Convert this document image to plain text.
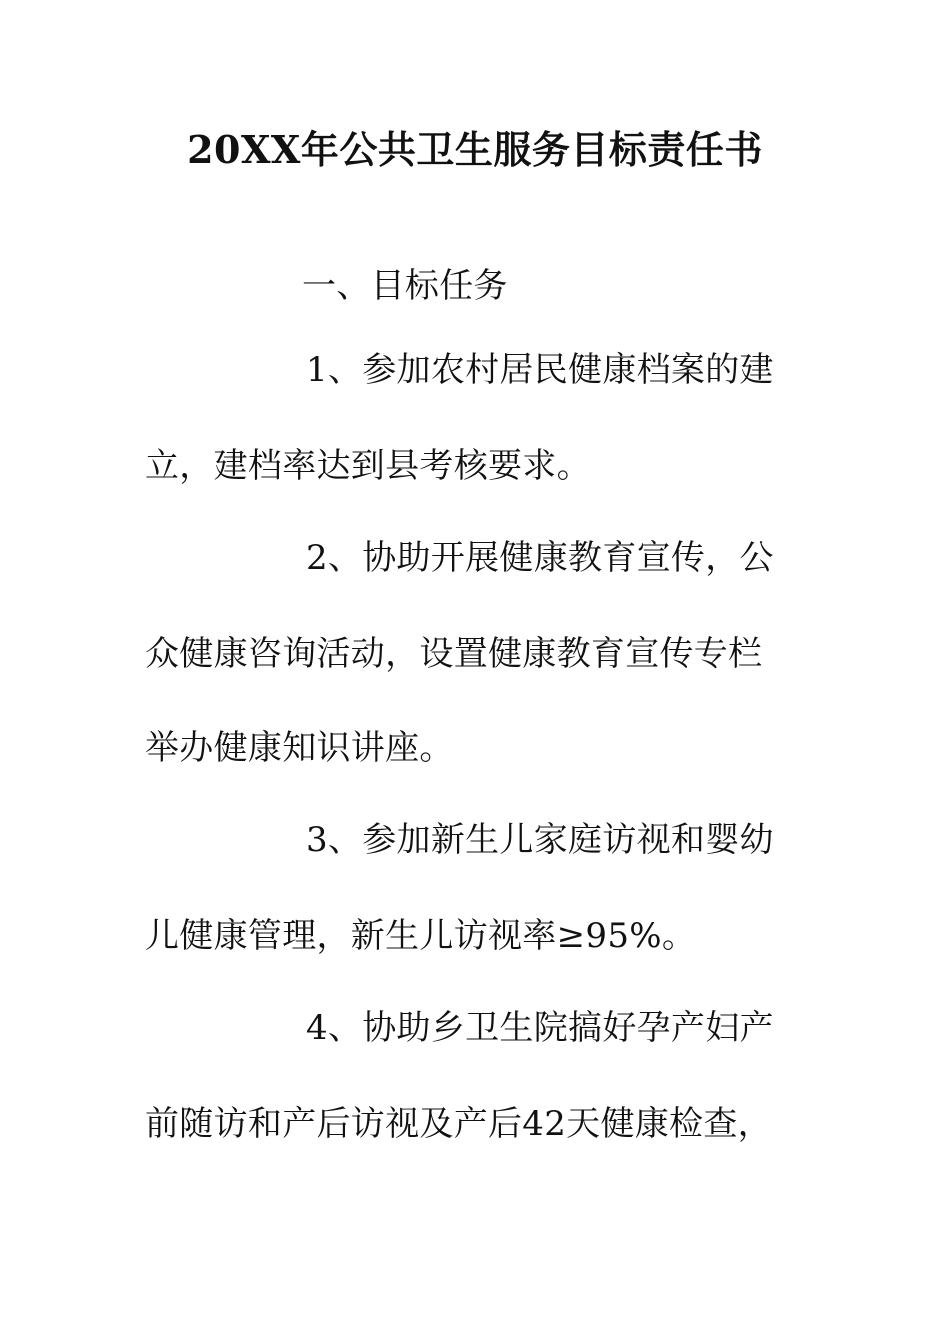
20XX年公共卫生服务目标责任书
一、目标任务
1、参加农村居民健康档案的建
立，建档率达到县考核要求。
2、协助开展健康教育宣传，公
众健康咨询活动，设置健康教育宣传专栏
举办健康知识讲座。
3、参加新生儿家庭访视和婴幼
儿健康管理，新生儿访视率≥95%。
4、协助乡卫生院搞好孕产妇产
前随访和产后访视及产后42天健康检查，
